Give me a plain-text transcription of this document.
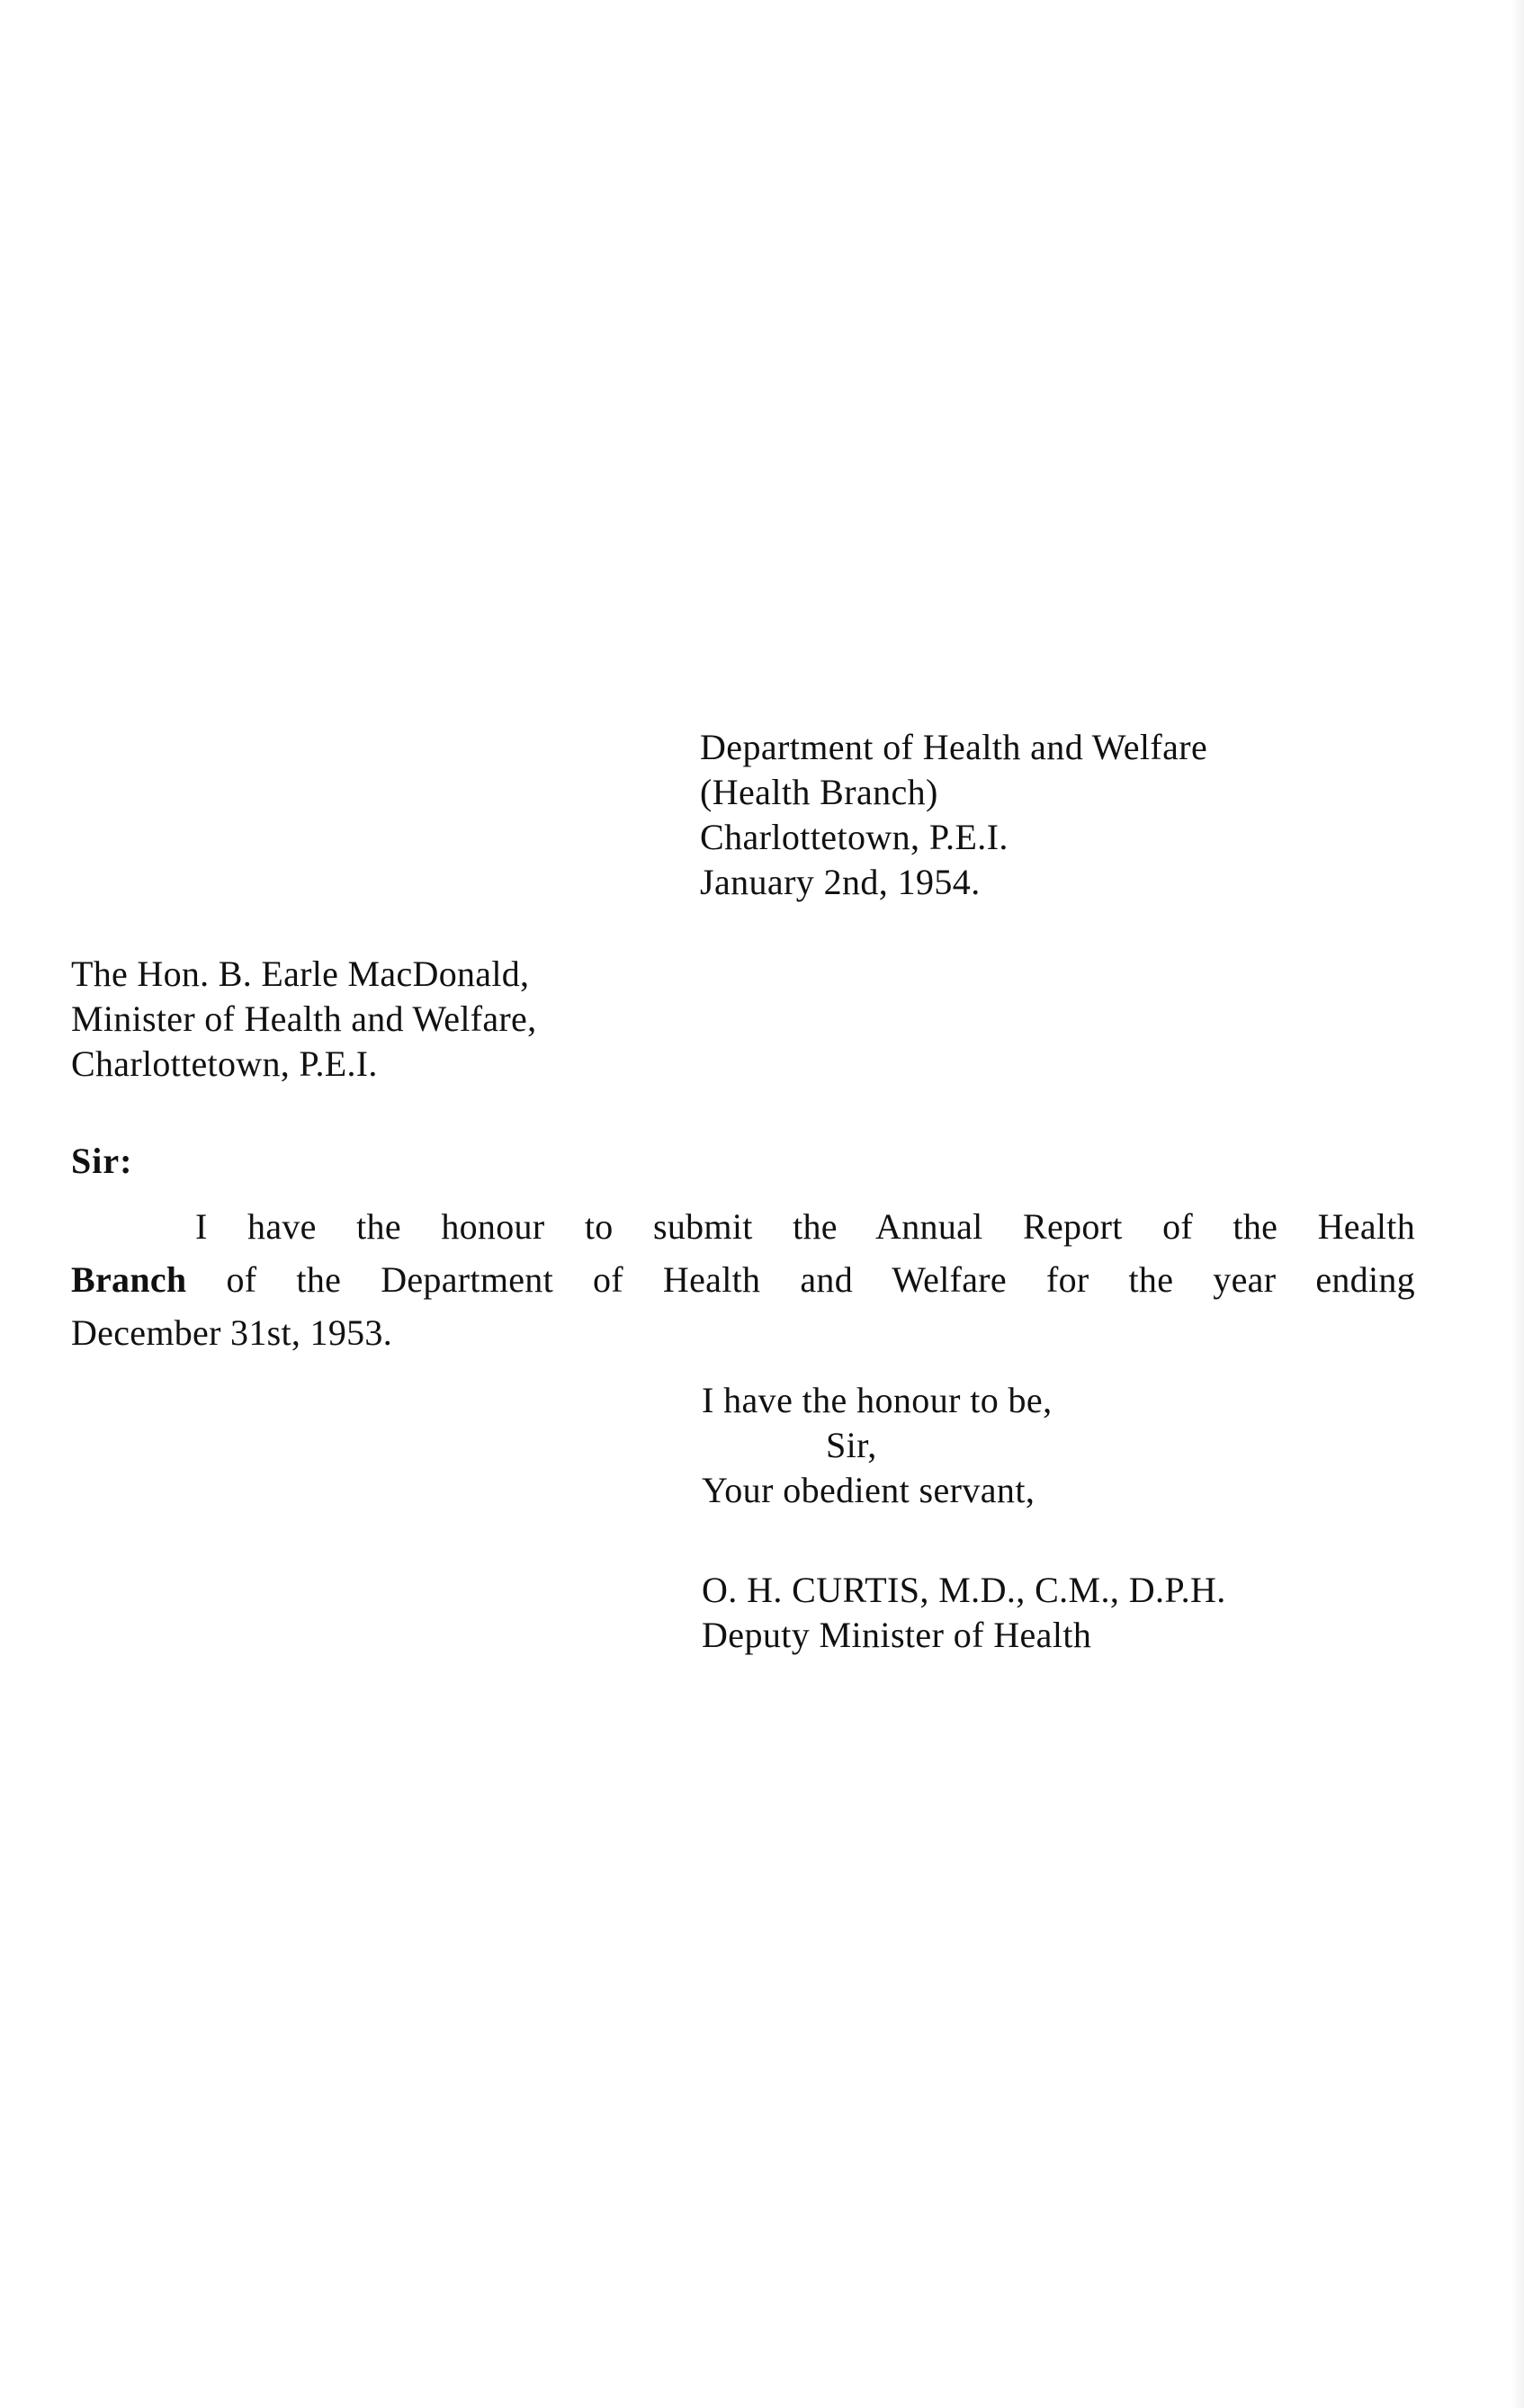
Department of Health and Welfare
(Health Branch)
Charlottetown, P.E.I.
January 2nd, 1954.
The Hon. B. Earle MacDonald,
Minister of Health and Welfare,
Charlottetown, P.E.I.
Sir:
I have the honour to submit the Annual Report of the Health
Branch of the Department of Health and Welfare for the year ending
December 31st, 1953.
I have the honour to be,
Sir,
Your obedient servant,
O. H. CURTIS, M.D., C.M., D.P.H.
Deputy Minister of Health
